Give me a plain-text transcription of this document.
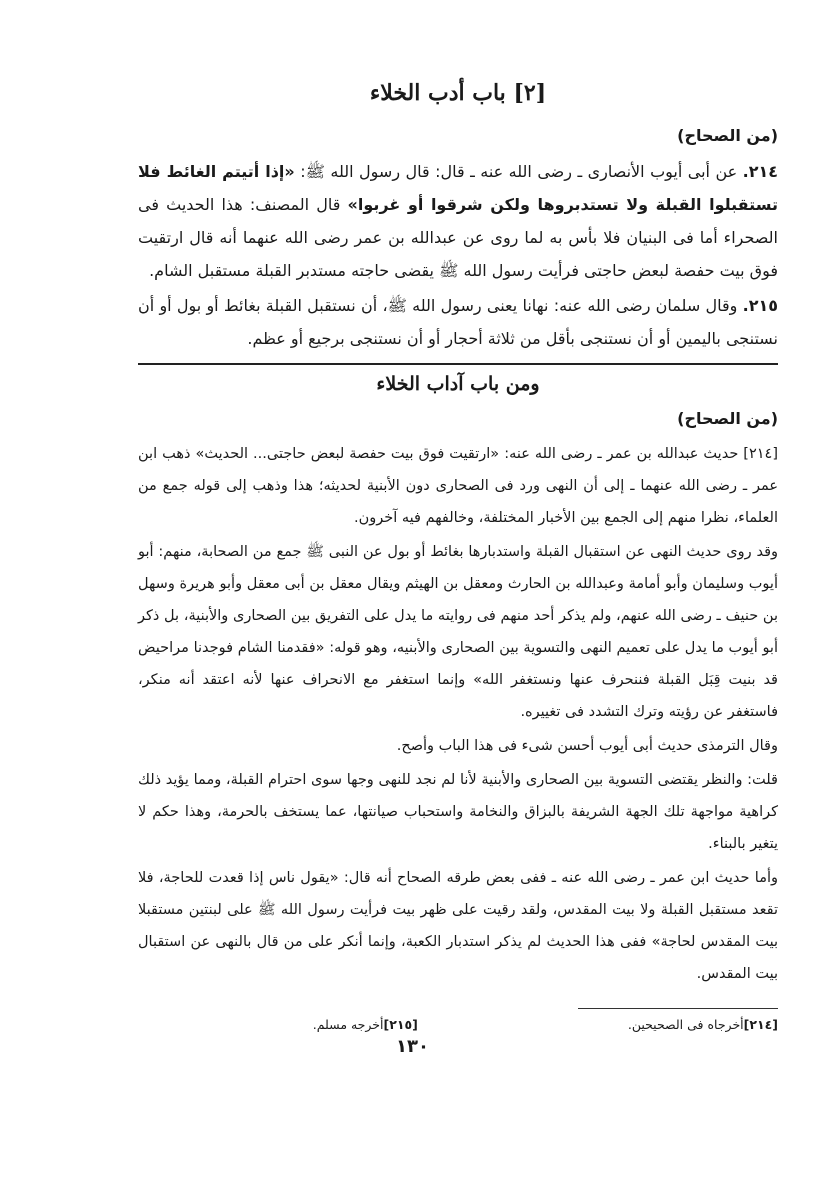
[٢] باب أدب الخلاء
(من الصحاح)

٢١٤. عن أبى أيوب الأنصارى ـ رضى الله عنه ـ قال: قال رسول الله ﷺ: «إذا أتيتم الغائط فلا تستقبلوا القبلة ولا تستدبروها ولكن شرقوا أو غربوا» قال المصنف: هذا الحديث فى الصحراء أما فى البنيان فلا بأس به لما روى عن عبدالله بن عمر رضى الله عنهما أنه قال ارتقيت فوق بيت حفصة لبعض حاجتى فرأيت رسول الله ﷺ يقضى حاجته مستدبر القبلة مستقبل الشام.

٢١٥. وقال سلمان رضى الله عنه: نهانا يعنى رسول الله ﷺ، أن نستقبل القبلة بغائط أو بول أو أن نستنجى باليمين أو أن نستنجى بأقل من ثلاثة أحجار أو أن نستنجى برجيع أو عظم.

ومن باب آداب الخلاء
(من الصحاح)

[٢١٤] حديث عبدالله بن عمر ـ رضى الله عنه: «ارتقيت فوق بيت حفصة لبعض حاجتى... الحديث» ذهب ابن عمر ـ رضى الله عنهما ـ إلى أن النهى ورد فى الصحارى دون الأبنية لحديثه؛ هذا وذهب إلى قوله جمع من العلماء، نظرا منهم إلى الجمع بين الأخبار المختلفة، وخالفهم فيه آخرون.

وقد روى حديث النهى عن استقبال القبلة واستدبارها بغائط أو بول عن النبى ﷺ جمع من الصحابة، منهم: أبو أيوب وسليمان وأبو أمامة وعبدالله بن الحارث ومعقل بن الهيثم ويقال معقل بن أبى معقل وأبو هريرة وسهل بن حنيف ـ رضى الله عنهم، ولم يذكر أحد منهم فى روايته ما يدل على التفريق بين الصحارى والأبنية، بل ذكر أبو أيوب ما يدل على تعميم النهى والتسوية بين الصحارى والأبنيه، وهو قوله: «فقدمنا الشام فوجدنا مراحيض قد بنيت قِبَل القبلة فننحرف عنها ونستغفر الله» وإنما استغفر مع الانحراف عنها لأنه اعتقد أنه منكر، فاستغفر عن رؤيته وترك التشدد فى تغييره.

وقال الترمذى حديث أبى أيوب أحسن شىء فى هذا الباب وأصح.

قلت: والنظر يقتضى التسوية بين الصحارى والأبنية لأنا لم نجد للنهى وجها سوى احترام القبلة، ومما يؤيد ذلك كراهية مواجهة تلك الجهة الشريفة بالبزاق والنخامة واستحباب صيانتها، عما يستخف بالحرمة، وهذا حكم لا يتغير بالبناء.

وأما حديث ابن عمر ـ رضى الله عنه ـ ففى بعض طرقه الصحاح أنه قال: «يقول ناس إذا قعدت للحاجة، فلا تقعد مستقبل القبلة ولا بيت المقدس، ولقد رقيت على ظهر بيت فرأيت رسول الله ﷺ على لبنتين مستقبلا بيت المقدس لحاجة» ففى هذا الحديث لم يذكر استدبار الكعبة، وإنما أنكر على من قال بالنهى عن استقبال بيت المقدس.

[٢١٤]أخرجاه فى الصحيحين.
[٢١٥]أخرجه مسلم.
١٣٠
